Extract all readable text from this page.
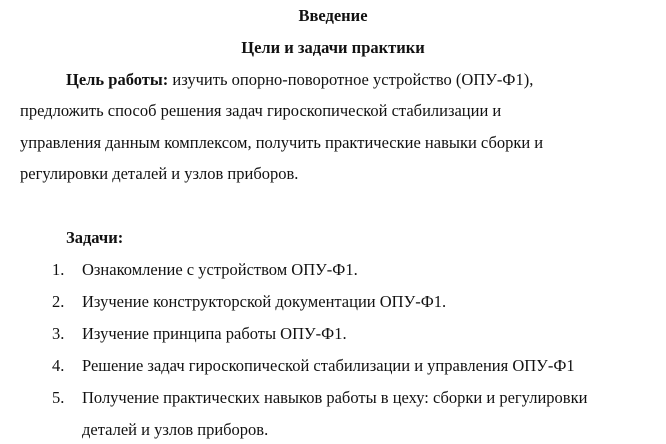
Введение
Цели и задачи практики
Цель работы: изучить опорно-поворотное устройство (ОПУ-Ф1),
предложить способ решения задач гироскопической стабилизации и
управления данным комплексом, получить практические навыки сборки и
регулировки деталей и узлов приборов.
Задачи:
1. Ознакомление с устройством ОПУ-Ф1.
2. Изучение конструкторской документации ОПУ-Ф1.
3. Изучение принципа работы ОПУ-Ф1.
4. Решение задач гироскопической стабилизации и управления ОПУ-Ф1
5. Получение практических навыков работы в цеху: сборки и регулировки
деталей и узлов приборов.
